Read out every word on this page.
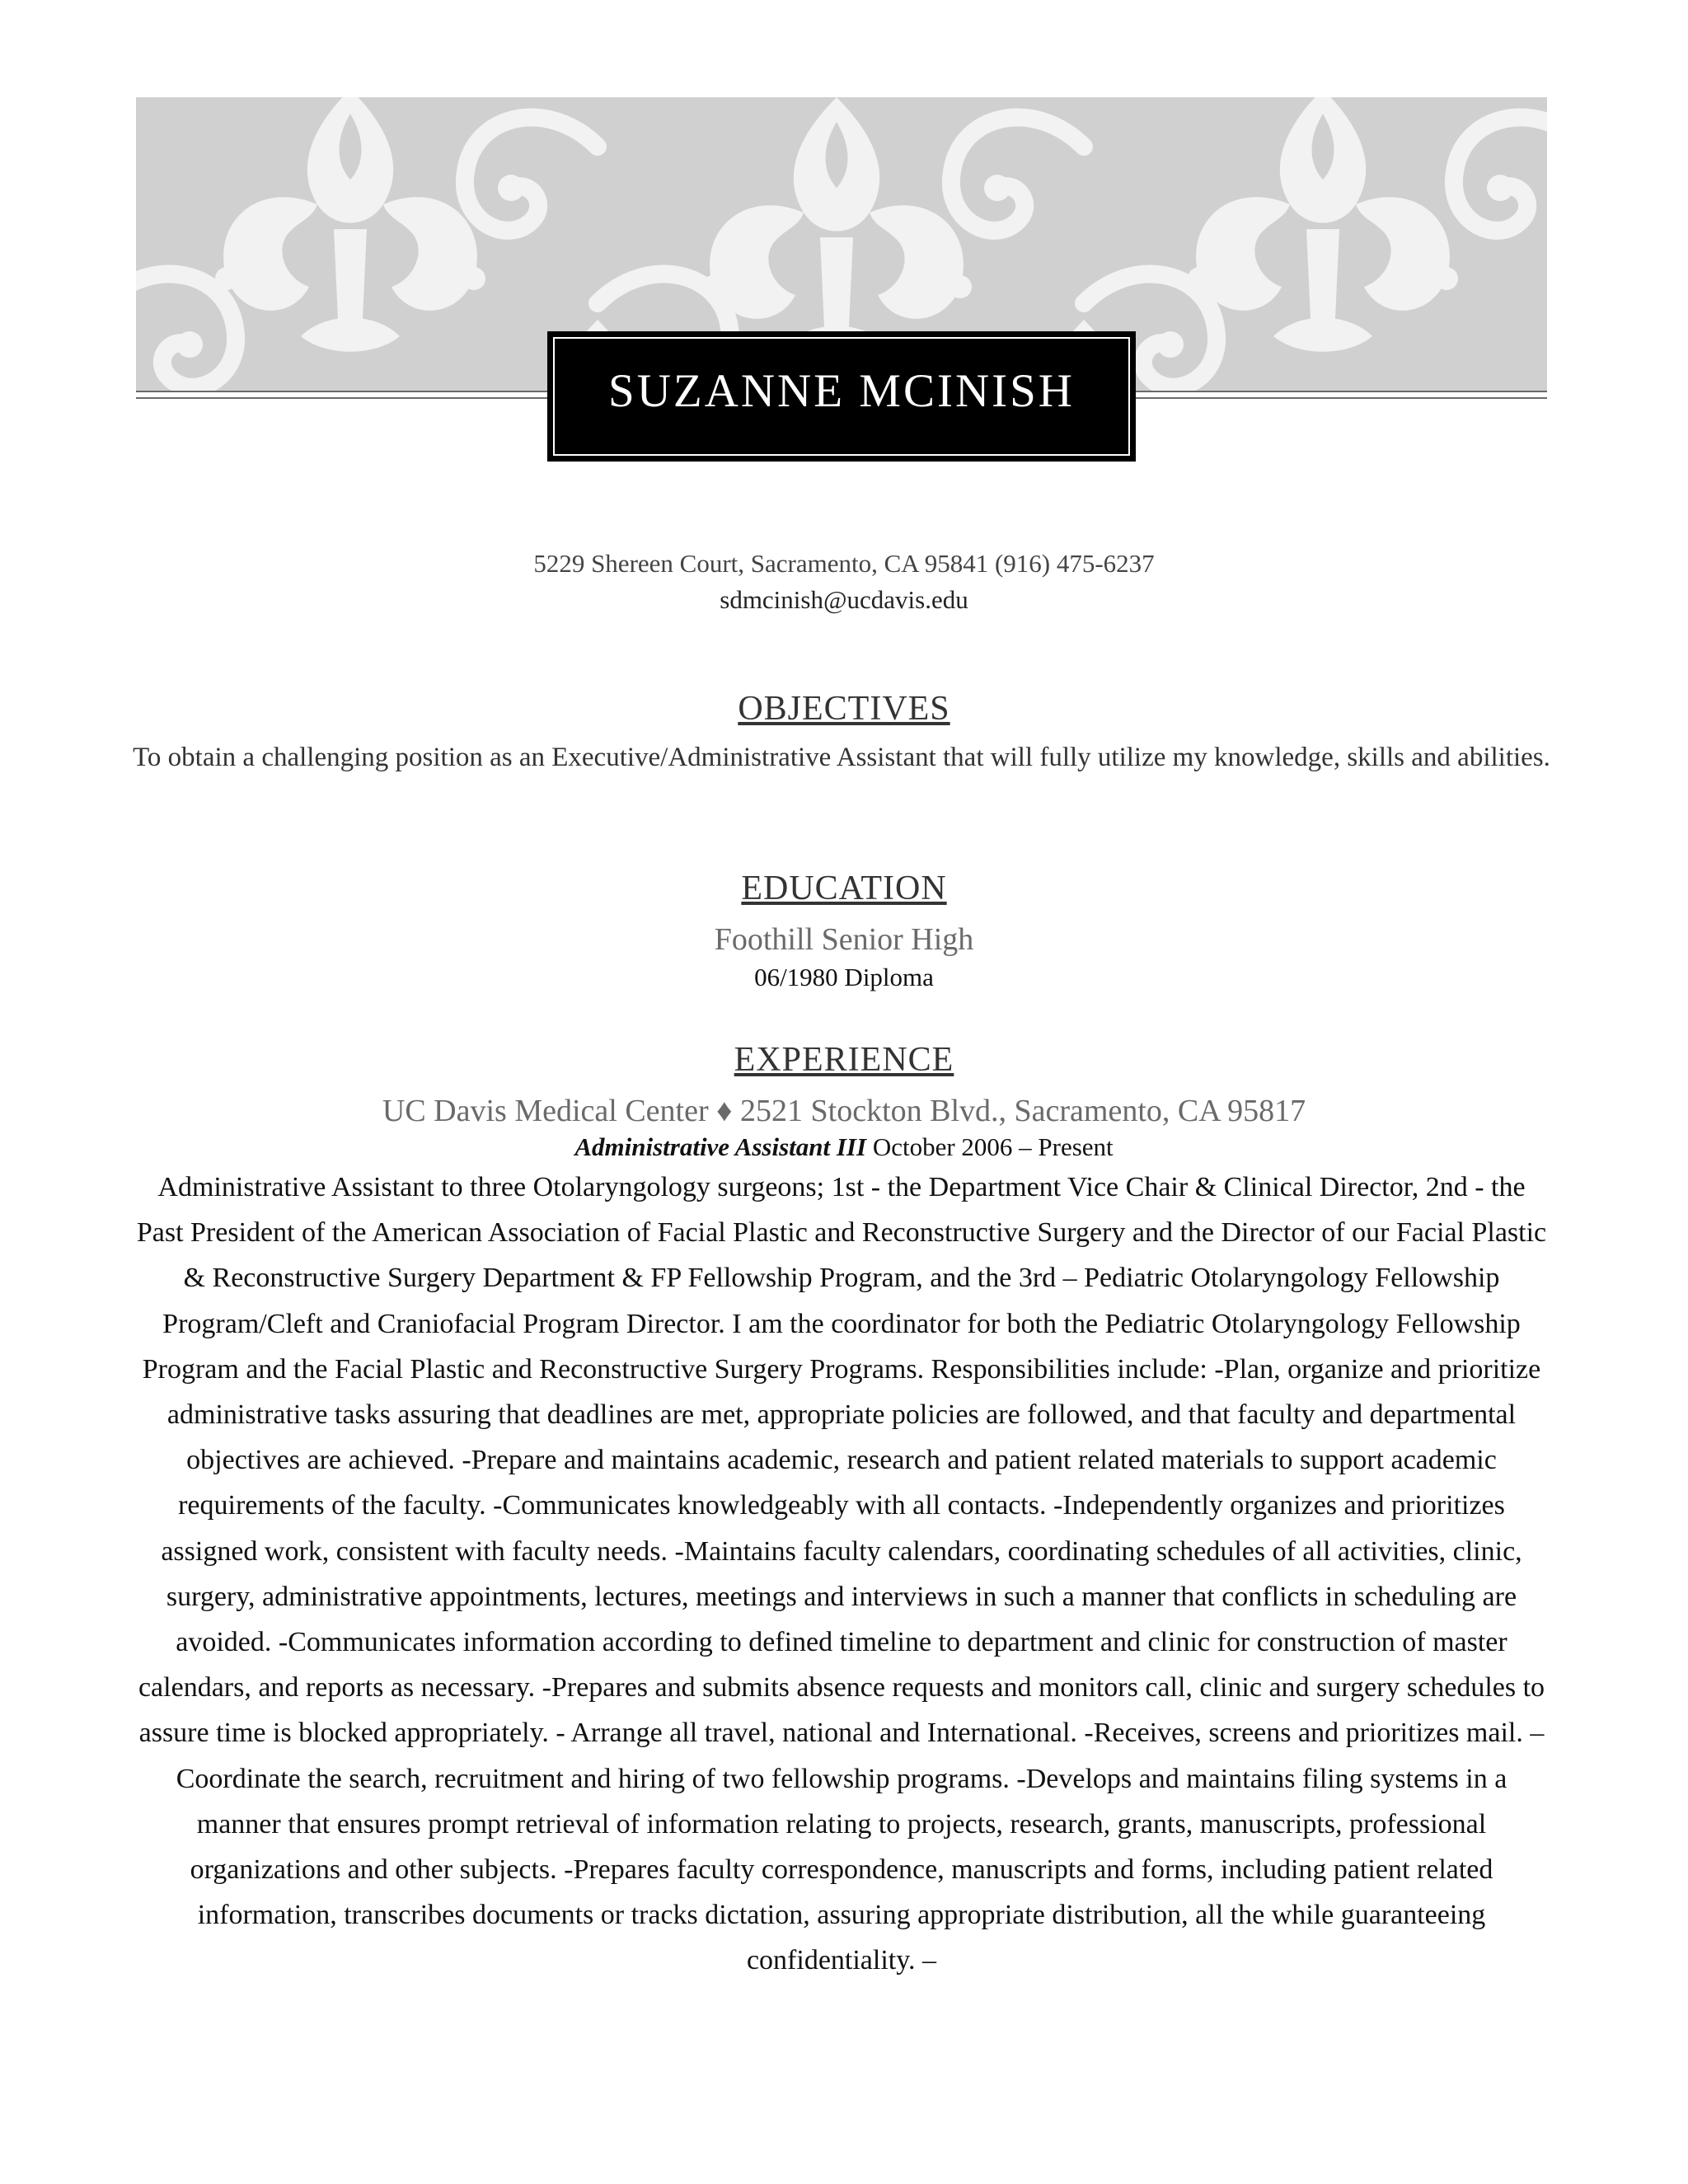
SUZANNE MCINISH
5229 Shereen Court, Sacramento, CA 95841 (916) 475-6237
sdmcinish@ucdavis.edu
OBJECTIVES
To obtain a challenging position as an Executive/Administrative Assistant that will fully utilize my knowledge, skills and abilities.
EDUCATION
Foothill Senior High
06/1980 Diploma
EXPERIENCE
UC Davis Medical Center ♦ 2521 Stockton Blvd., Sacramento, CA 95817
Administrative Assistant III October 2006 – Present
Administrative Assistant to three Otolaryngology surgeons; 1st - the Department Vice Chair & Clinical Director, 2nd - the Past President of the American Association of Facial Plastic and Reconstructive Surgery and the Director of our Facial Plastic & Reconstructive Surgery Department & FP Fellowship Program, and the 3rd – Pediatric Otolaryngology Fellowship Program/Cleft and Craniofacial Program Director. I am the coordinator for both the Pediatric Otolaryngology Fellowship Program and the Facial Plastic and Reconstructive Surgery Programs. Responsibilities include: -Plan, organize and prioritize administrative tasks assuring that deadlines are met, appropriate policies are followed, and that faculty and departmental objectives are achieved. -Prepare and maintains academic, research and patient related materials to support academic requirements of the faculty. -Communicates knowledgeably with all contacts. -Independently organizes and prioritizes assigned work, consistent with faculty needs. -Maintains faculty calendars, coordinating schedules of all activities, clinic, surgery, administrative appointments, lectures, meetings and interviews in such a manner that conflicts in scheduling are avoided. -Communicates information according to defined timeline to department and clinic for construction of master calendars, and reports as necessary. -Prepares and submits absence requests and monitors call, clinic and surgery schedules to assure time is blocked appropriately. - Arrange all travel, national and International. -Receives, screens and prioritizes mail. –Coordinate the search, recruitment and hiring of two fellowship programs. -Develops and maintains filing systems in a manner that ensures prompt retrieval of information relating to projects, research, grants, manuscripts, professional organizations and other subjects. -Prepares faculty correspondence, manuscripts and forms, including patient related information, transcribes documents or tracks dictation, assuring appropriate distribution, all the while guaranteeing confidentiality. –
